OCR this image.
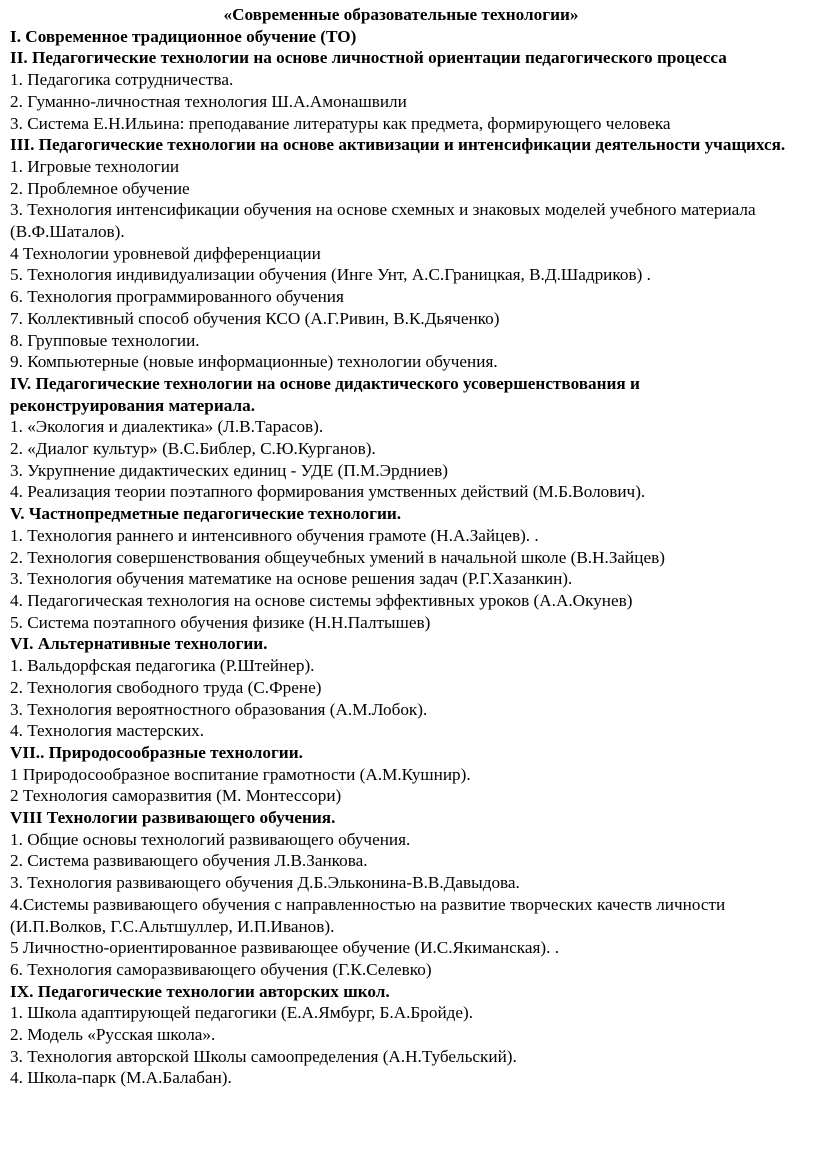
«Современные образовательные технологии»

I. Современное традиционное обучение (ТО)

II. Педагогические технологии на основе личностной ориентации педагогического процесса

1. Педагогика сотрудничества.
2. Гуманно-личностная технология Ш.А.Амонашвили
3. Система Е.Н.Ильина: преподавание литературы как предмета, формирующего человека

III. Педагогические технологии на основе активизации и интенсификации деятельности учащихся.

1. Игровые технологии
2. Проблемное обучение
3. Технология интенсификации обучения на основе схемных и знаковых моделей учебного материала (В.Ф.Шаталов).
4 Технологии уровневой дифференциации
5. Технология индивидуализации обучения (Инге Унт, А.С.Границкая, В.Д.Шадриков) .
6. Технология программированного обучения
7. Коллективный способ обучения КСО (А.Г.Ривин, В.К.Дьяченко)
8. Групповые технологии.
9. Компьютерные (новые информационные) технологии обучения.

IV. Педагогические технологии на основе дидактического усовершенствования и реконструирования материала.

1. «Экология и диалектика» (Л.В.Тарасов).
2. «Диалог культур» (В.С.Библер, С.Ю.Курганов).
3. Укрупнение дидактических единиц - УДЕ (П.М.Эрдниев)
4. Реализация теории поэтапного формирования умственных действий (М.Б.Волович).

V. Частнопредметные педагогические технологии.

1. Технология раннего и интенсивного обучения грамоте (Н.А.Зайцев). .
2. Технология совершенствования общеучебных умений в начальной школе (В.Н.Зайцев)
3. Технология обучения математике на основе решения задач (Р.Г.Хазанкин).
4. Педагогическая технология на основе системы эффективных уроков (А.А.Окунев)
5. Система поэтапного обучения физике (Н.Н.Палтышев)

VI. Альтернативные технологии.

1. Вальдорфская педагогика (Р.Штейнер).
2. Технология свободного труда (С.Френе)
3. Технология вероятностного образования (А.М.Лобок).
4. Технология мастерских.

VII.. Природосообразные технологии.

1 Природосообразное воспитание грамотности (А.М.Кушнир).
2 Технология саморазвития (М. Монтессори)

VIII Технологии развивающего обучения.

1. Общие основы технологий развивающего обучения.
2. Система развивающего обучения Л.В.Занкова.
3. Технология развивающего обучения Д.Б.Эльконина-В.В.Давыдова.
4.Системы развивающего обучения с направленностью на развитие творческих качеств личности (И.П.Волков, Г.С.Альтшуллер, И.П.Иванов).
5 Личностно-ориентированное развивающее обучение (И.С.Якиманская). .
6. Технология саморазвивающего обучения (Г.К.Селевко)

IX. Педагогические технологии авторских школ.

1. Школа адаптирующей педагогики (Е.А.Ямбург, Б.А.Бройде).
2. Модель «Русская школа».
3. Технология авторской Школы самоопределения (А.Н.Тубельский).
4. Школа-парк (М.А.Балабан).
